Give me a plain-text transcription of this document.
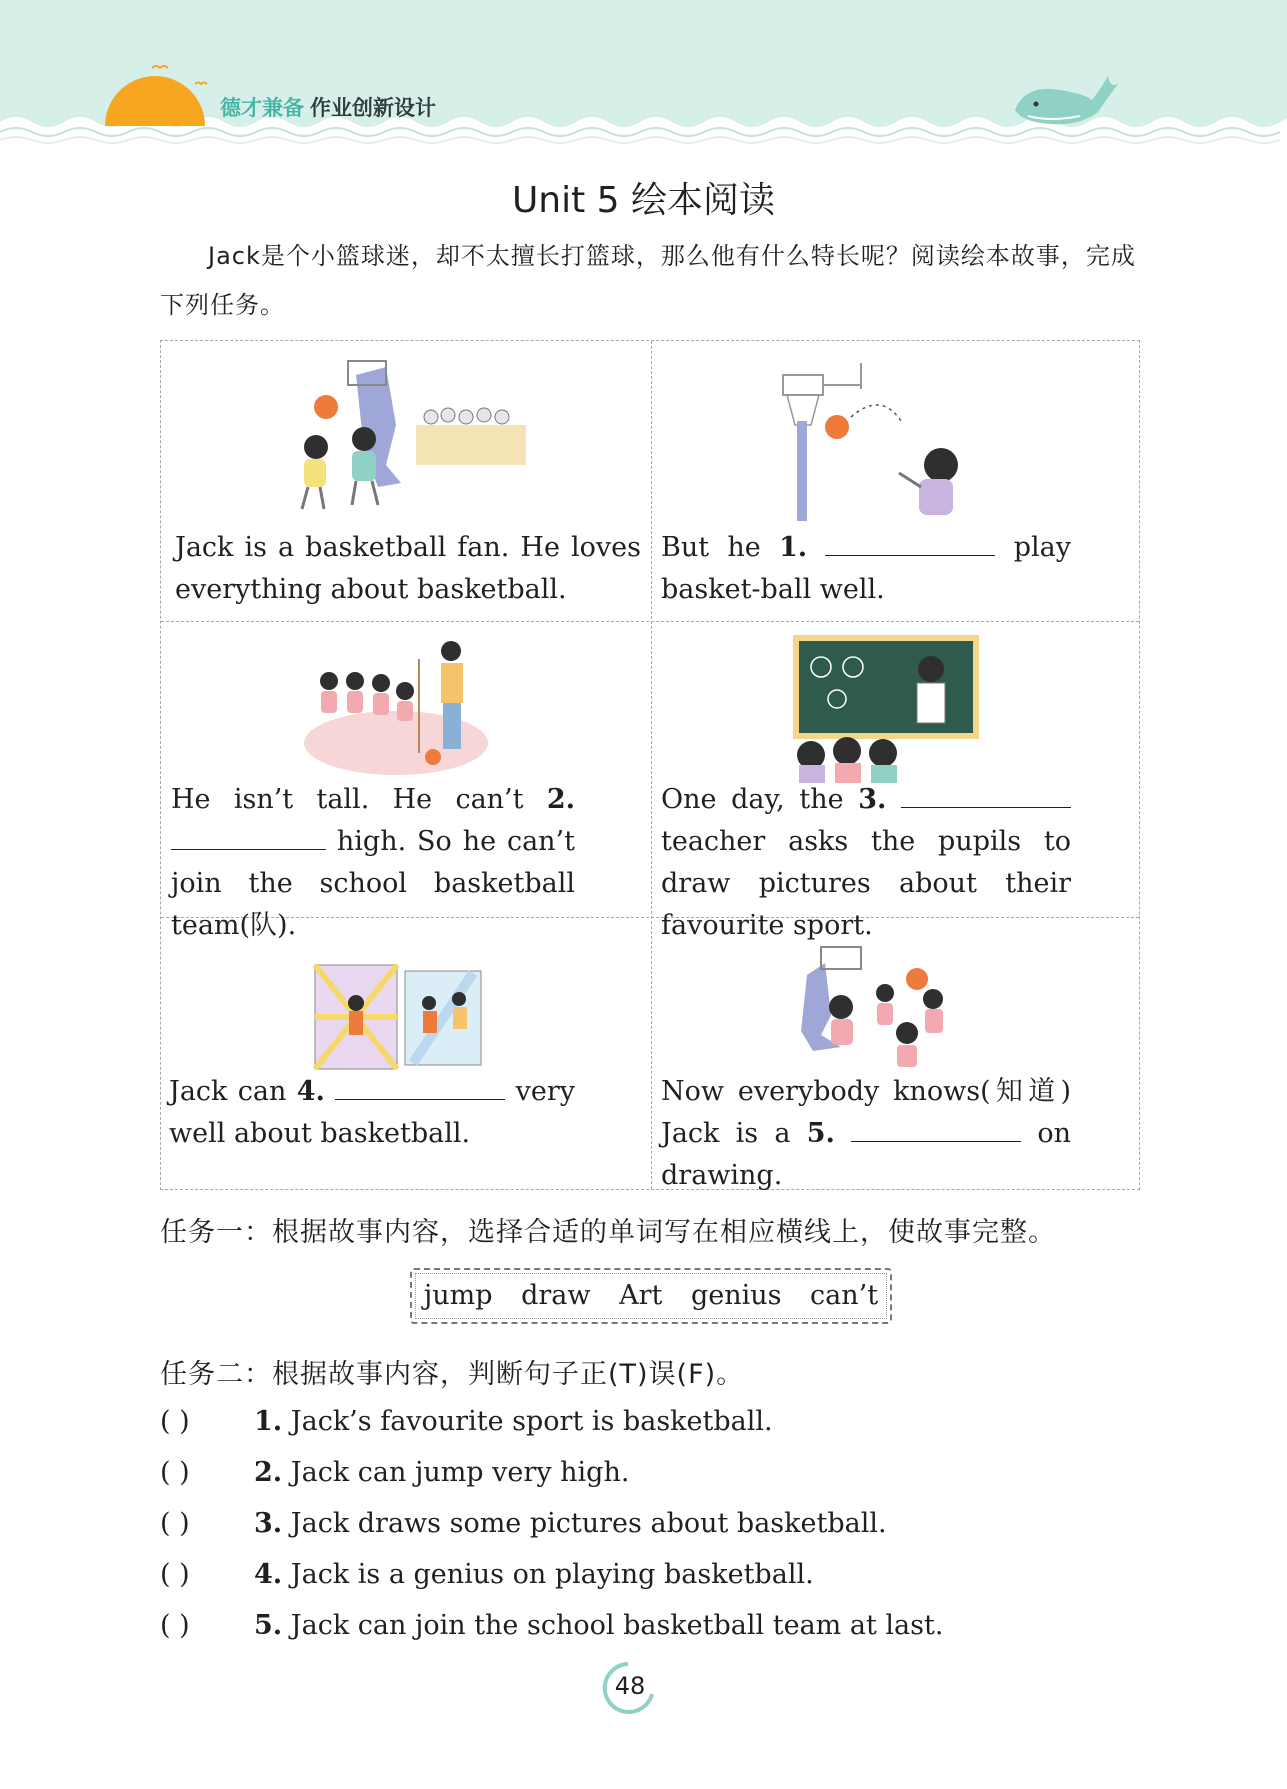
德才兼备 作业创新设计
Unit 5 绘本阅读
Jack是个小篮球迷，却不太擅长打篮球，那么他有什么特长呢？阅读绘本故事，完成下列任务。
Jack is a basketball fan. He loves everything about basketball.
But he 1.	play basket-ball well.
He isn’t tall. He can’t 2.  high. So he can’t join the school basketball team(队).
One day, the 3.  teacher asks the pupils to draw pictures about their favourite sport.
Jack can 4.	very well about basketball.
Now everybody knows(知道) Jack is a 5.	on drawing.
任务一：根据故事内容，选择合适的单词写在相应横线上，使故事完整。
jump draw Art genius can’t
任务二：根据故事内容，判断句子正(T)误(F)。
( ) 1. Jack’s favourite sport is basketball.
( ) 2. Jack can jump very high.
( ) 3. Jack draws some pictures about basketball.
( ) 4. Jack is a genius on playing basketball.
( ) 5. Jack can join the school basketball team at last.
48
